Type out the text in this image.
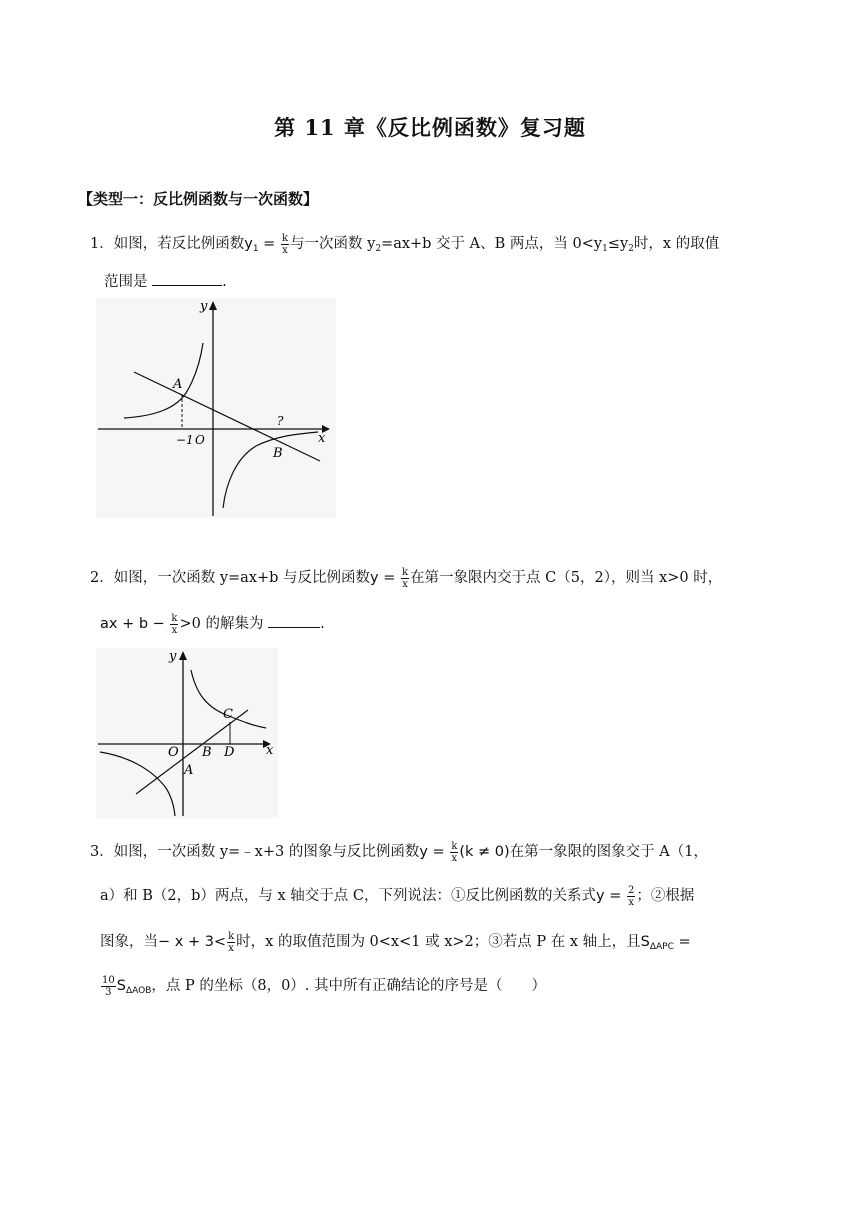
第 11 章《反比例函数》复习题
【类型一：反比例函数与一次函数】
1．如图，若反比例函数$y_1 = \frac{k}{x}$ 与一次函数 $y_2=ax+b$ 交于 A、B 两点，当 $0<y_1\le y_2$时，x 的取值
范围是	.
y
x
A
B
−1 O
?
2．如图，一次函数 y=ax+b 与反比例函数$y = \frac{k}{x}$ 在第一象限内交于点 C（5，2），则当 x>0 时，
ax + $b - \frac{k}{x} >0$ 的解集为	.
y
x
C
O B D
A
3．如图，一次函数 y=﹣x+3 的图象与反比例函数$y = \frac{k}{x} (k \ne 0)$在第一象限的图象交于 A（1，
a）和 B（2，b）两点，与 x 轴交于点 C，下列说法：①反比例函数的关系式$y = \frac{2}{x}$ ；②根据
图象，当− $x + 3< \frac{k}{x}$ 时，x 的取值范围为 0<x<1 或 x>2；③若点 P 在 x 轴上，且$S_{\Delta APC}$ =
$\frac{10}{3} S_{\Delta AOB}$，点 P 的坐标（8，0）. 其中所有正确结论的序号是（　　）
